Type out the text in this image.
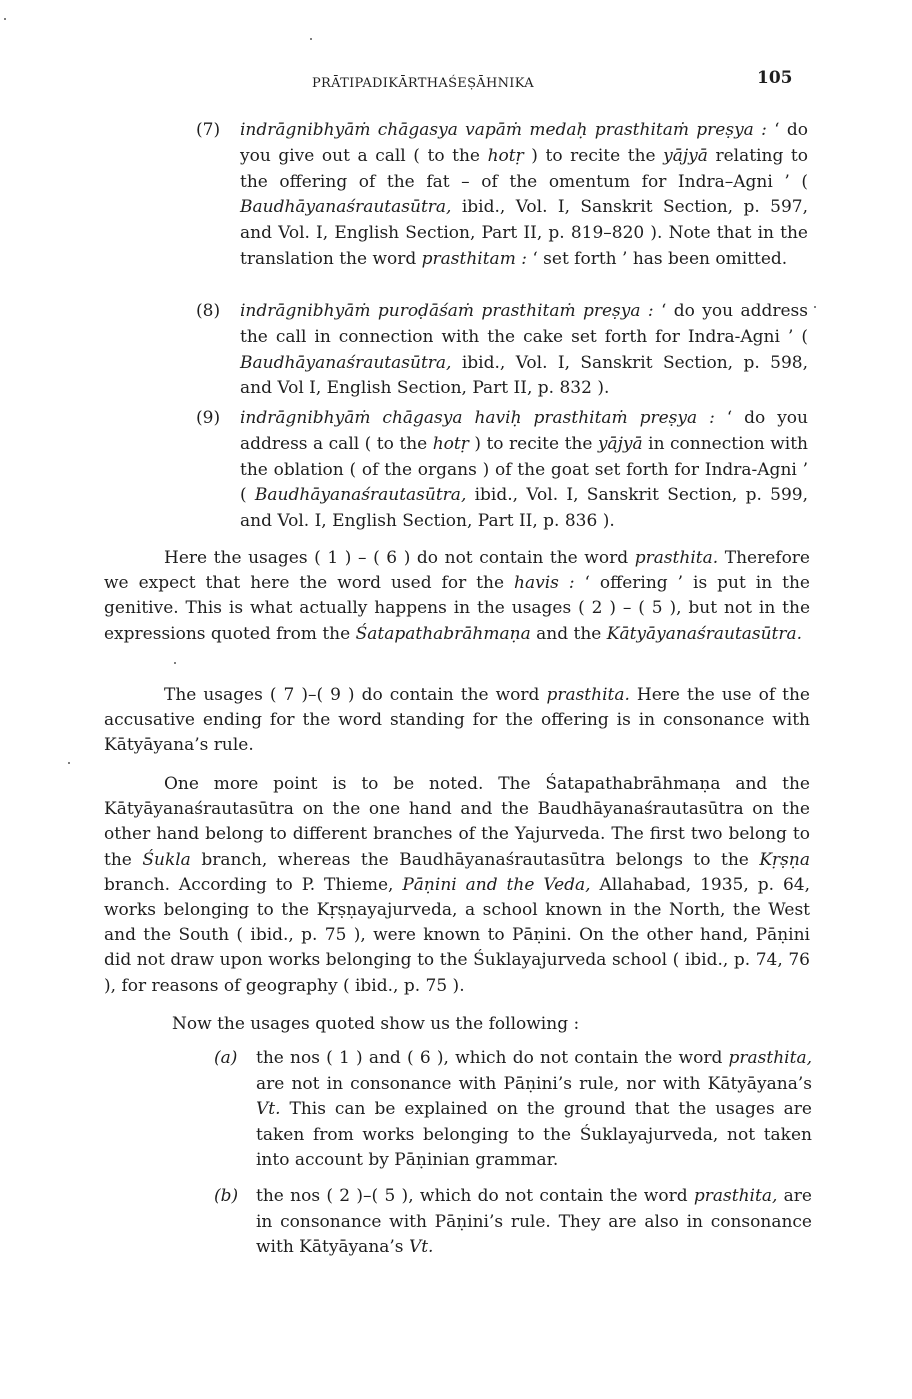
PRĀTIPADIKĀRTHAŚEṢĀHNIKA	105
(7) indrāgnibhyāṁ chāgasya vapāṁ medaḥ prasthitaṁ preṣya : ‘ do you give out a call ( to the hotṛ ) to recite the yājyā relating to the offering of the fat – of the omentum for Indra–Agni ’ ( Baudhāyanaśrautasūtra, ibid., Vol. I, Sanskrit Section, p. 597, and Vol. I, English Section, Part II, p. 819–820 ). Note that in the translation the word prasthitam : ‘ set forth ’ has been omitted.
(8) indrāgnibhyāṁ puroḍāśaṁ prasthitaṁ preṣya : ‘ do you address the call in connection with the cake set forth for Indra-Agni ’ ( Baudhāyanaśrautasūtra, ibid., Vol. I, Sanskrit Section, p. 598, and Vol I, English Section, Part II, p. 832 ).
(9) indrāgnibhyāṁ chāgasya haviḥ prasthitaṁ preṣya : ‘ do you address a call ( to the hotṛ ) to recite the yājyā in connection with the oblation ( of the organs ) of the goat set forth for Indra-Agni ’ ( Baudhāyanaśrautasūtra, ibid., Vol. I, Sanskrit Section, p. 599, and Vol. I, English Section, Part II, p. 836 ).
Here the usages ( 1 ) – ( 6 ) do not contain the word prasthita. Therefore we expect that here the word used for the havis : ‘ offering ’ is put in the genitive. This is what actually happens in the usages ( 2 ) – ( 5 ), but not in the expressions quoted from the Śatapathabrāhmaṇa and the Kātyāyanaśrautasūtra.
The usages ( 7 )–( 9 ) do contain the word prasthita. Here the use of the accusative ending for the word standing for the offering is in consonance with Kātyāyana’s rule.
One more point is to be noted. The Śatapathabrāhmaṇa and the Kātyāyanaśrautasūtra on the one hand and the Baudhāyanaśrautasūtra on the other hand belong to different branches of the Yajurveda. The first two belong to the Śukla branch, whereas the Baudhāyanaśrautasūtra belongs to the Kṛṣṇa branch. According to P. Thieme, Pāṇini and the Veda, Allahabad, 1935, p. 64, works belonging to the Kṛṣṇayajurveda, a school known in the North, the West and the South ( ibid., p. 75 ), were known to Pāṇini. On the other hand, Pāṇini did not draw upon works belonging to the Śuklayajurveda school ( ibid., p. 74, 76 ), for reasons of geography ( ibid., p. 75 ).
Now the usages quoted show us the following :
(a) the nos ( 1 ) and ( 6 ), which do not contain the word prasthita, are not in consonance with Pāṇini’s rule, nor with Kātyāyana’s Vt. This can be explained on the ground that the usages are taken from works belonging to the Śuklayajurveda, not taken into account by Pāṇinian grammar.
(b) the nos ( 2 )–( 5 ), which do not contain the word prasthita, are in consonance with Pāṇini’s rule. They are also in consonance with Kātyāyana’s Vt.
